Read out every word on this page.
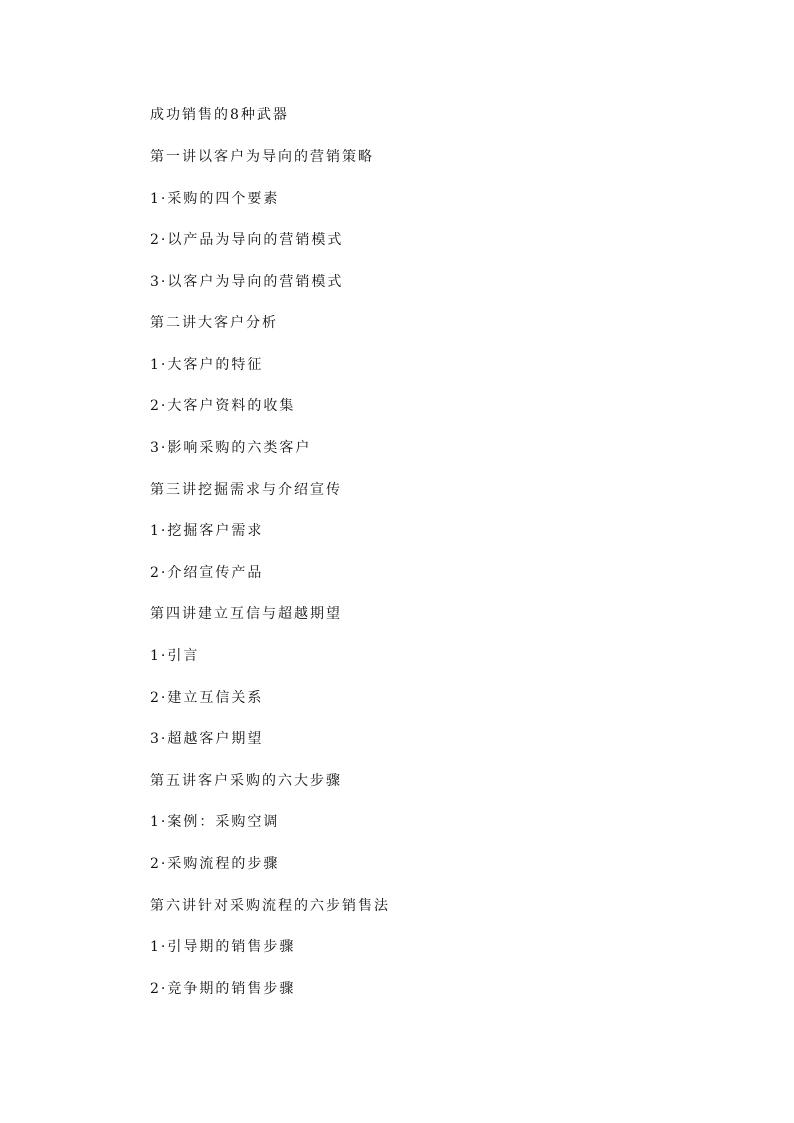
成功销售的8种武器
第一讲以客户为导向的营销策略
1·采购的四个要素
2·以产品为导向的营销模式
3·以客户为导向的营销模式
第二讲大客户分析
1·大客户的特征
2·大客户资料的收集
3·影响采购的六类客户
第三讲挖掘需求与介绍宣传
1·挖掘客户需求
2·介绍宣传产品
第四讲建立互信与超越期望
1·引言
2·建立互信关系
3·超越客户期望
第五讲客户采购的六大步骤
1·案例：采购空调
2·采购流程的步骤
第六讲针对采购流程的六步销售法
1·引导期的销售步骤
2·竞争期的销售步骤
